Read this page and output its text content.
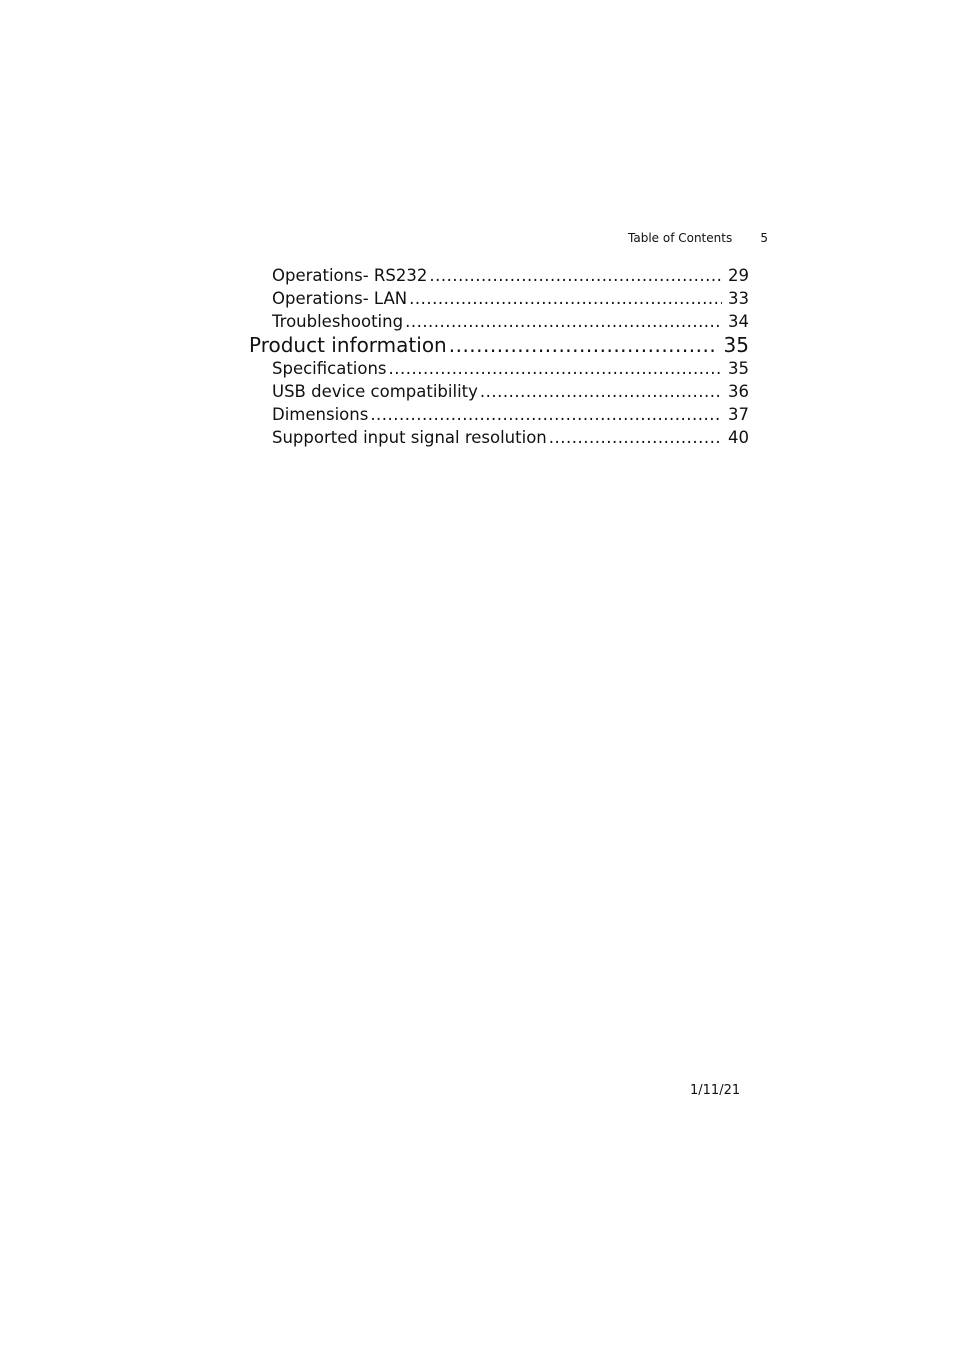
Table of Contents 5
Operations- RS232 .....	29
Operations- LAN .....	33
Troubleshooting .....	34
Product information .....	35
Specifications .....	35
USB device compatibility .....	36
Dimensions .....	37
Supported input signal resolution .....	40
1/11/21
